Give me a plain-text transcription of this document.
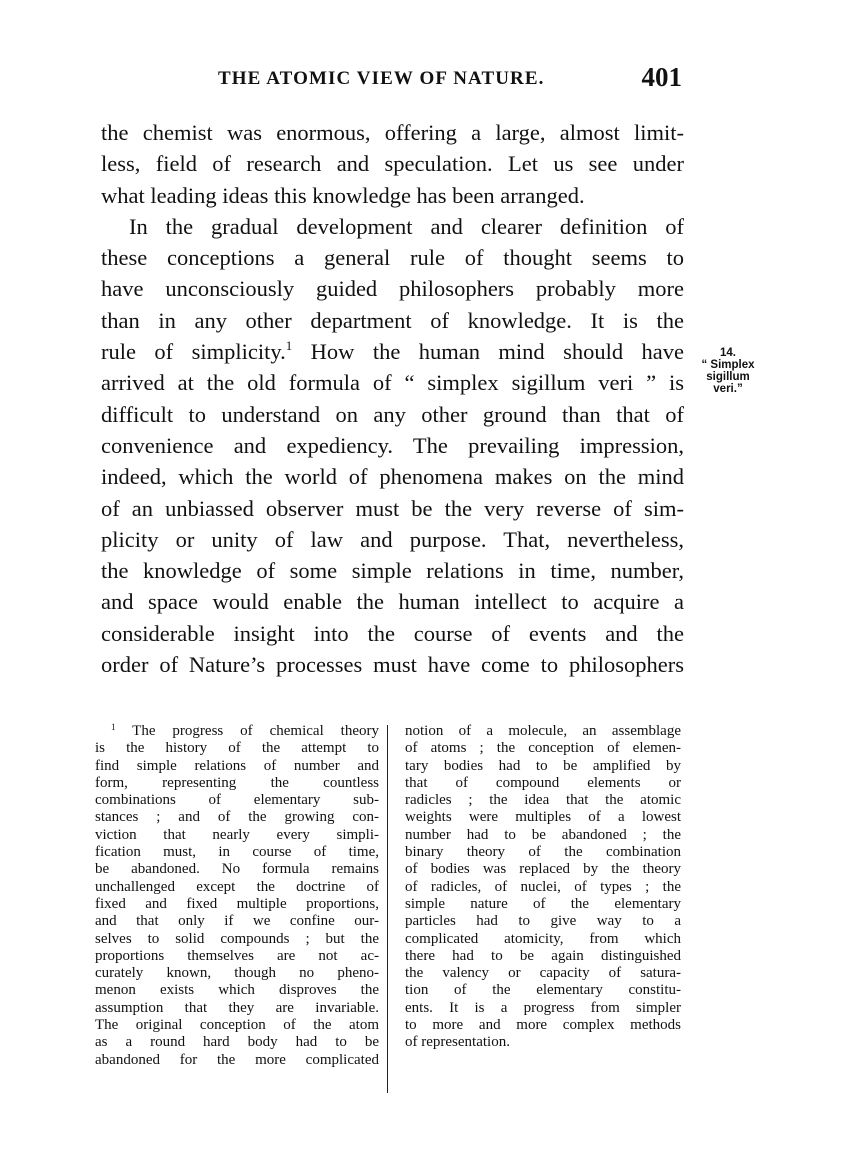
THE ATOMIC VIEW OF NATURE.	401
the chemist was enormous, offering a large, almost limit-
less, field of research and speculation. Let us see under
what leading ideas this knowledge has been arranged.
In the gradual development and clearer definition of
these conceptions a general rule of thought seems to
have unconsciously guided philosophers probably more
than in any other department of knowledge. It is the
rule of simplicity.$^1$ How the human mind should have
arrived at the old formula of “ simplex sigillum veri ” is
difficult to understand on any other ground than that of
convenience and expediency. The prevailing impression,
indeed, which the world of phenomena makes on the mind
of an unbiassed observer must be the very reverse of sim-
plicity or unity of law and purpose. That, nevertheless,
the knowledge of some simple relations in time, number,
and space would enable the human intellect to acquire a
considerable insight into the course of events and the
order of Nature’s processes must have come to philosophers
14.
“ Simplex
sigillum
veri.”
$^1$ The progress of chemical theory
is the history of the attempt to
find simple relations of number and
form, representing the countless
combinations of elementary sub-
stances ; and of the growing con-
viction that nearly every simpli-
fication must, in course of time,
be abandoned. No formula remains
unchallenged except the doctrine of
fixed and fixed multiple proportions,
and that only if we confine our-
selves to solid compounds ; but the
proportions themselves are not ac-
curately known, though no pheno-
menon exists which disproves the
assumption that they are invariable.
The original conception of the atom
as a round hard body had to be
abandoned for the more complicated
notion of a molecule, an assemblage
of atoms ; the conception of elemen-
tary bodies had to be amplified by
that of compound elements or
radicles ; the idea that the atomic
weights were multiples of a lowest
number had to be abandoned ; the
binary theory of the combination
of bodies was replaced by the theory
of radicles, of nuclei, of types ; the
simple nature of the elementary
particles had to give way to a
complicated atomicity, from which
there had to be again distinguished
the valency or capacity of satura-
tion of the elementary constitu-
ents. It is a progress from simpler
to more and more complex methods
of representation.
